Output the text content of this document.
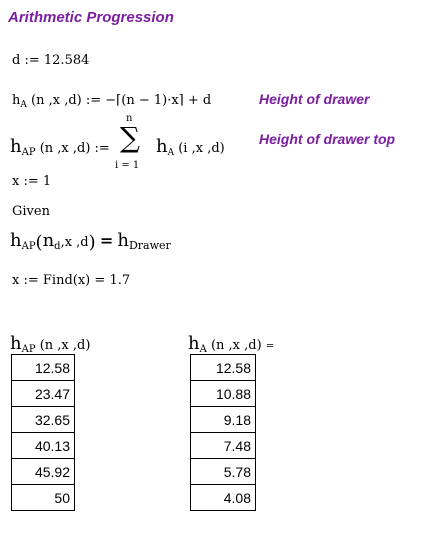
Arithmetic Progression
d := 12.584
$h_A$ (n ,x ,d) := −⌈(n − 1)·x⌉ + d	Height of drawer
$h_{AP}$ (n ,x ,d) :=
n
∑
i = 1
hA (i ,x ,d)
Height of drawer top
x := 1
Given
$h_{AP}(n_d,x$ $,d) = h_{Drawer}$
x := Find(x) = 1.7
$h_{AP}$ (n ,x ,d)
12.58
23.47
32.65
40.13
45.92
50
$h_A$ (n ,x ,d) =
12.58
10.88
9.18
7.48
5.78
4.08
